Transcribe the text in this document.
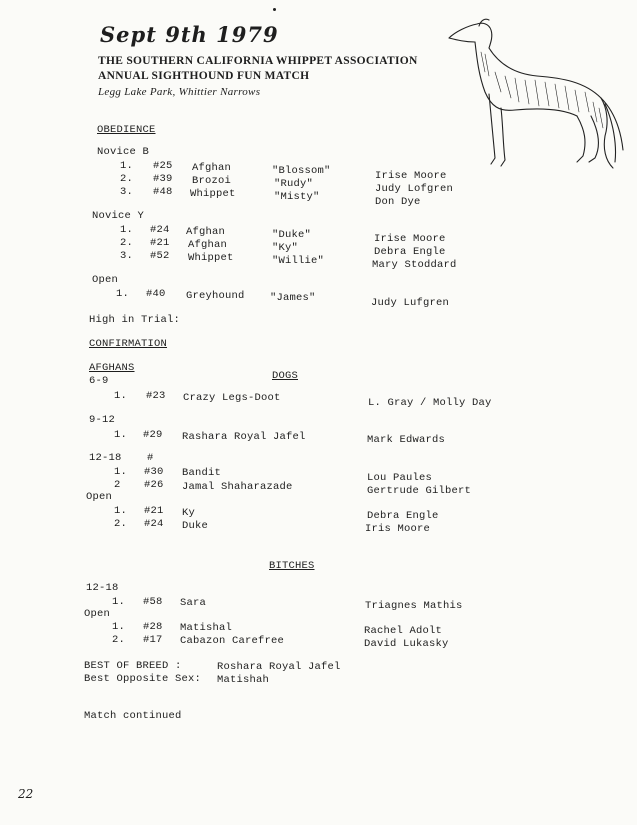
Sept 9th 1979
THE SOUTHERN CALIFORNIA WHIPPET ASSOCIATION
ANNUAL SIGHTHOUND FUN MATCH
Legg Lake Park, Whittier Narrows
OBEDIENCE
Novice B
1. #25 Afghan	"Blossom"	Irise Moore
2. #39 Brozoi	"Rudy"	Judy Lofgren
3. #48 Whippet	"Misty"	Don Dye
Novice Y
1. #24 Afghan	"Duke"	Irise Moore
2. #21 Afghan	"Ky"	Debra Engle
3. #52 Whippet	"Willie"	Mary Stoddard
Open
1. #40 Greyhound "James"	Judy Lufgren
High in Trial:
CONFIRMATION
AFGHANS
DOGS
6-9
1. #23 Crazy Legs-Doot	L. Gray / Molly Day
9-12
1. #29 Rashara Royal Jafel	Mark Edwards
12-18 #
1. #30 Bandit	Lou Paules
2 #26 Jamal Shaharazade	Gertrude Gilbert
Open
1. #21 Ky	Debra Engle
2. #24 Duke	Iris Moore
BITCHES
12-18
1. #58 Sara	Triagnes Mathis
Open
1. #28 Matishal	Rachel Adolt
2. #17 Cabazon Carefree	David Lukasky
BEST OF BREED :	Roshara Royal Jafel
Best Opposite Sex: Matishah
Match continued
22
